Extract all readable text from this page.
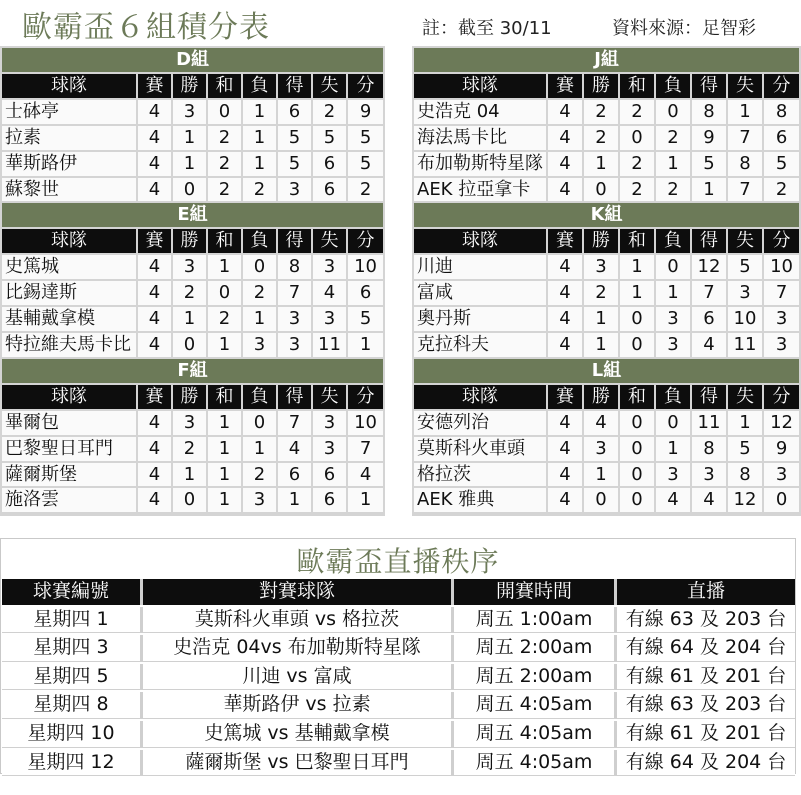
歐霸盃６組積分表	註：截至 30/11	資料來源：足智彩
D組							
球隊	賽	勝	和	負	得	失	分
士砵亭	4	3	0	1	6	2	9
拉素	4	1	2	1	5	5	5
華斯路伊	4	1	2	1	5	6	5
蘇黎世	4	0	2	2	3	6	2
E組							
球隊	賽	勝	和	負	得	失	分
史篤城	4	3	1	0	8	3	10
比錫達斯	4	2	0	2	7	4	6
基輔戴拿模	4	1	2	1	3	3	5
特拉維夫馬卡比	4	0	1	3	3	11	1
F組							
球隊	賽	勝	和	負	得	失	分
畢爾包	4	3	1	0	7	3	10
巴黎聖日耳門	4	2	1	1	4	3	7
薩爾斯堡	4	1	1	2	6	6	4
施洛雲	4	0	1	3	1	6	1
J組							
球隊	賽	勝	和	負	得	失	分
史浩克 04	4	2	2	0	8	1	8
海法馬卡比	4	2	0	2	9	7	6
布加勒斯特星隊	4	1	2	1	5	8	5
AEK 拉亞拿卡	4	0	2	2	1	7	2
K組							
球隊	賽	勝	和	負	得	失	分
川迪	4	3	1	0	12	5	10
富咸	4	2	1	1	7	3	7
奧丹斯	4	1	0	3	6	10	3
克拉科夫	4	1	0	3	4	11	3
L組							
球隊	賽	勝	和	負	得	失	分
安德列治	4	4	0	0	11	1	12
莫斯科火車頭	4	3	0	1	8	5	9
格拉茨	4	1	0	3	3	8	3
AEK 雅典	4	0	0	4	4	12	0
歐霸盃直播秩序
球賽編號	對賽球隊	開賽時間	直播
星期四 1	莫斯科火車頭 vs 格拉茨	周五 1:00am	有線 63 及 203 台
星期四 3	史浩克 04vs 布加勒斯特星隊	周五 2:00am	有線 64 及 204 台
星期四 5	川迪 vs 富咸	周五 2:00am	有線 61 及 201 台
星期四 8	華斯路伊 vs 拉素	周五 4:05am	有線 63 及 203 台
星期四 10	史篤城 vs 基輔戴拿模	周五 4:05am	有線 61 及 201 台
星期四 12	薩爾斯堡 vs 巴黎聖日耳門	周五 4:05am	有線 64 及 204 台
